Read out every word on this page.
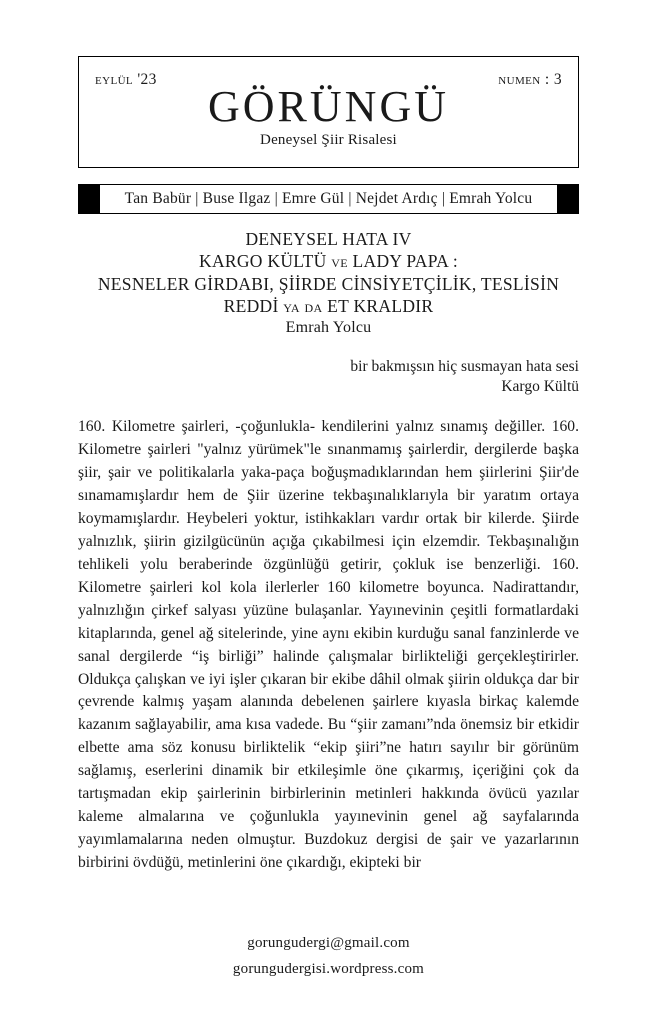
eylül '23	numen : 3
GÖRÜNGÜ
Deneysel Şiir Risalesi
Tan Babür | Buse Ilgaz | Emre Gül | Nejdet Ardıç | Emrah Yolcu
DENEYSEL HATA IV
KARGO KÜLTÜ ve LADY PAPA :
NESNELER GİRDABI, ŞİİRDE CİNSİYETÇİLİK, TESLİSİN
REDDİ ya da ET KRALDIR
Emrah Yolcu
bir bakmışsın hiç susmayan hata sesi
Kargo Kültü

160. Kilometre şairleri, -çoğunlukla- kendilerini yalnız sınamış değiller. 160. Kilometre şairleri "yalnız yürümek"le sınanmamış şairlerdir, dergilerde başka şiir, şair ve politikalarla yaka-paça boğuşmadıklarından hem şiirlerini Şiir'de sınamamışlardır hem de Şiir üzerine tekbaşınalıklarıyla bir yaratım ortaya koymamışlardır. Heybeleri yoktur, istihkakları vardır ortak bir kilerde. Şiirde yalnızlık, şiirin gizilgücünün açığa çıkabilmesi için elzemdir. Tekbaşınalığın tehlikeli yolu beraberinde özgünlüğü getirir, çokluk ise benzerliği. 160. Kilometre şairleri kol kola ilerlerler 160 kilometre boyunca. Nadirattandır, yalnızlığın çirkef salyası yüzüne bulaşanlar. Yayınevinin çeşitli formatlardaki kitaplarında, genel ağ sitelerinde, yine aynı ekibin kurduğu sanal fanzinlerde ve sanal dergilerde “iş birliği” halinde çalışmalar birlikteliği gerçekleştirirler. Oldukça çalışkan ve iyi işler çıkaran bir ekibe dâhil olmak şiirin oldukça dar bir çevrende kalmış yaşam alanında debelenen şairlere kıyasla birkaç kalemde kazanım sağlayabilir, ama kısa vadede. Bu “şiir zamanı”nda önemsiz bir etkidir elbette ama söz konusu birliktelik “ekip şiiri”ne hatırı sayılır bir görünüm sağlamış, eserlerini dinamik bir etkileşimle öne çıkarmış, içeriğini çok da tartışmadan ekip şairlerinin birbirlerinin metinleri hakkında övücü yazılar kaleme almalarına ve çoğunlukla yayınevinin genel ağ sayfalarında yayımlamalarına neden olmuştur. Buzdokuz dergisi de şair ve yazarlarının birbirini övdüğü, metinlerini öne çıkardığı, ekipteki bir

gorungudergi@gmail.com
gorungudergisi.wordpress.com
